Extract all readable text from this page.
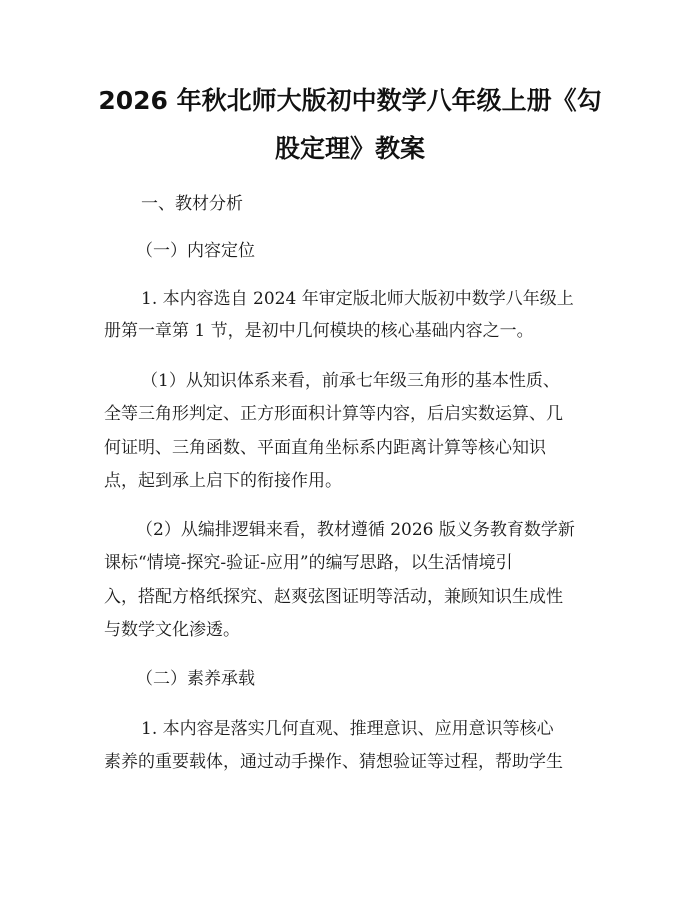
2026 年秋北师大版初中数学八年级上册《勾
股定理》教案
一、教材分析
（一）内容定位
1. 本内容选自 2024 年审定版北师大版初中数学八年级上
册第一章第 1 节，是初中几何模块的核心基础内容之一。
（1）从知识体系来看，前承七年级三角形的基本性质、
全等三角形判定、正方形面积计算等内容，后启实数运算、几
何证明、三角函数、平面直角坐标系内距离计算等核心知识
点，起到承上启下的衔接作用。
（2）从编排逻辑来看，教材遵循 2026 版义务教育数学新
课标“情境-探究-验证-应用”的编写思路，以生活情境引
入，搭配方格纸探究、赵爽弦图证明等活动，兼顾知识生成性
与数学文化渗透。
（二）素养承载
1. 本内容是落实几何直观、推理意识、应用意识等核心
素养的重要载体，通过动手操作、猜想验证等过程，帮助学生
